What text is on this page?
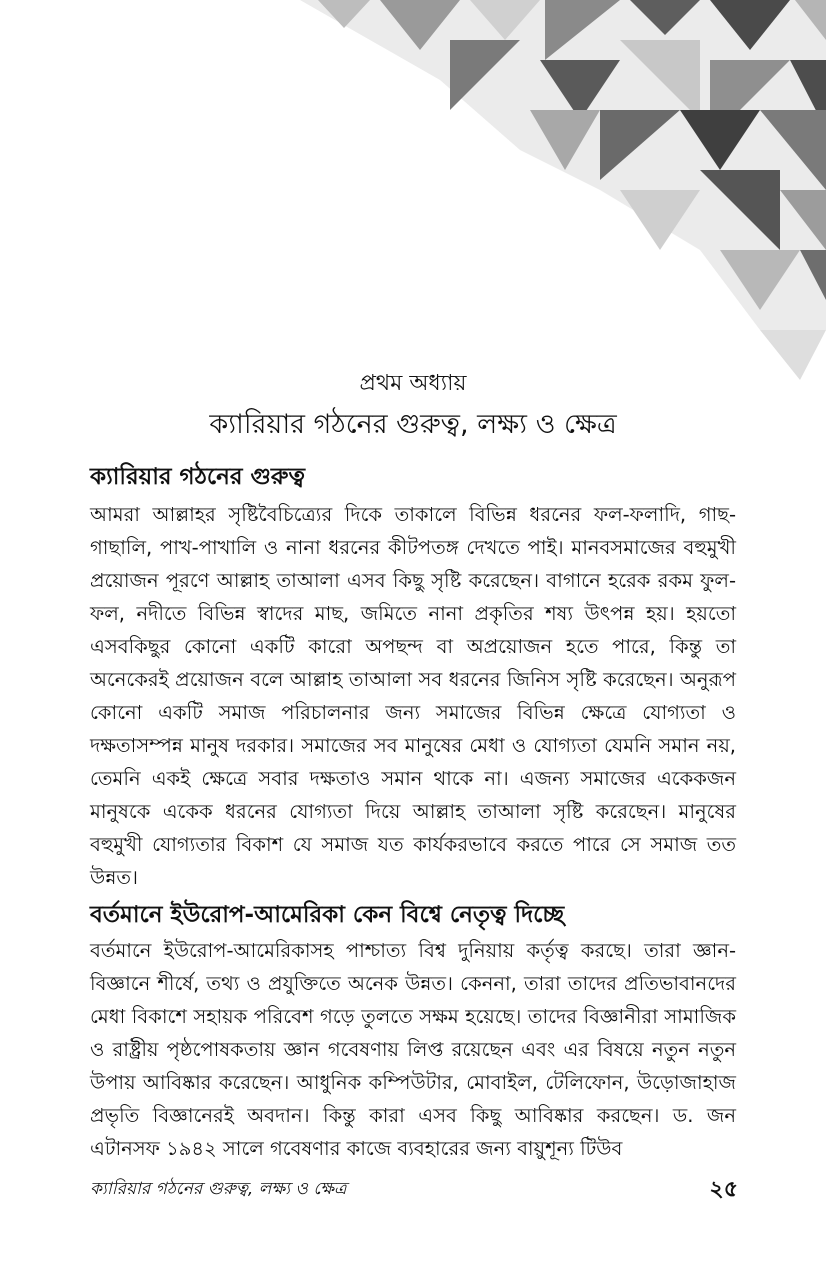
প্রথম অধ্যায়
ক্যারিয়ার গঠনের গুরুত্ব, লক্ষ্য ও ক্ষেত্র
ক্যারিয়ার গঠনের গুরুত্ব
আমরা আল্লাহর সৃষ্টিবৈচিত্র্যের দিকে তাকালে বিভিন্ন ধরনের ফল-ফলাদি, গাছ-গাছালি, পাখ-পাখালি ও নানা ধরনের কীটপতঙ্গ দেখতে পাই। মানবসমাজের বহুমুখী প্রয়োজন পূরণে আল্লাহ তাআলা এসব কিছু সৃষ্টি করেছেন। বাগানে হরেক রকম ফুল-ফল, নদীতে বিভিন্ন স্বাদের মাছ, জমিতে নানা প্রকৃতির শষ্য উৎপন্ন হয়। হয়তো এসবকিছুর কোনো একটি কারো অপছন্দ বা অপ্রয়োজন হতে পারে, কিন্তু তা অনেকেরই প্রয়োজন বলে আল্লাহ তাআলা সব ধরনের জিনিস সৃষ্টি করেছেন। অনুরূপ কোনো একটি সমাজ পরিচালনার জন্য সমাজের বিভিন্ন ক্ষেত্রে যোগ্যতা ও দক্ষতাসম্পন্ন মানুষ দরকার। সমাজের সব মানুষের মেধা ও যোগ্যতা যেমনি সমান নয়, তেমনি একই ক্ষেত্রে সবার দক্ষতাও সমান থাকে না। এজন্য সমাজের একেকজন মানুষকে একেক ধরনের যোগ্যতা দিয়ে আল্লাহ তাআলা সৃষ্টি করেছেন। মানুষের বহুমুখী যোগ্যতার বিকাশ যে সমাজ যত কার্যকরভাবে করতে পারে সে সমাজ তত উন্নত।
বর্তমানে ইউরোপ-আমেরিকা কেন বিশ্বে নেতৃত্ব দিচ্ছে
বর্তমানে ইউরোপ-আমেরিকাসহ পাশ্চাত্য বিশ্ব দুনিয়ায় কর্তৃত্ব করছে। তারা জ্ঞান-বিজ্ঞানে শীর্ষে, তথ্য ও প্রযুক্তিতে অনেক উন্নত। কেননা, তারা তাদের প্রতিভাবানদের মেধা বিকাশে সহায়ক পরিবেশ গড়ে তুলতে সক্ষম হয়েছে। তাদের বিজ্ঞানীরা সামাজিক ও রাষ্ট্রীয় পৃষ্ঠপোষকতায় জ্ঞান গবেষণায় লিপ্ত রয়েছেন এবং এর বিষয়ে নতুন নতুন উপায় আবিষ্কার করেছেন। আধুনিক কম্পিউটার, মোবাইল, টেলিফোন, উড়োজাহাজ প্রভৃতি বিজ্ঞানেরই অবদান। কিন্তু কারা এসব কিছু আবিষ্কার করছেন। ড. জন এটানসফ ১৯৪২ সালে গবেষণার কাজে ব্যবহারের জন্য বায়ুশূন্য টিউব
ক্যারিয়ার গঠনের গুরুত্ব, লক্ষ্য ও ক্ষেত্র	২৫
